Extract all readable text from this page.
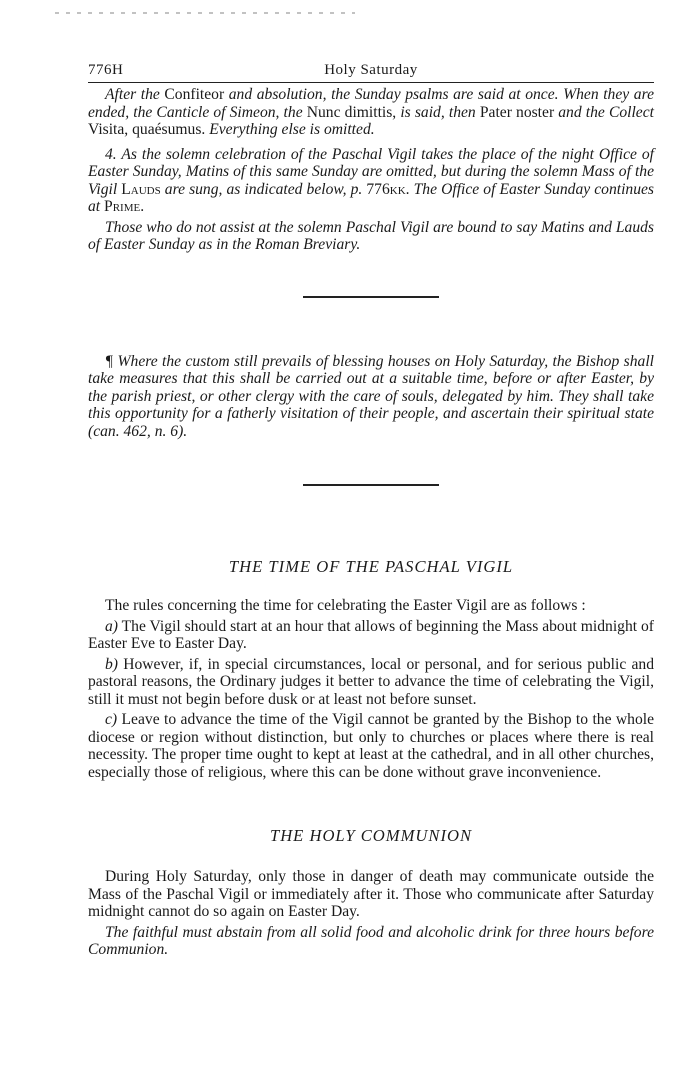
776H	Holy Saturday

After the Confiteor and absolution, the Sunday psalms are said at once. When they are ended, the Canticle of Simeon, the Nunc dimittis, is said, then Pater noster and the Collect Visita, quaésumus. Everything else is omitted.

4. As the solemn celebration of the Paschal Vigil takes the place of the night Office of Easter Sunday, Matins of this same Sunday are omitted, but during the solemn Mass of the Vigil Lauds are sung, as indicated below, p. 776kk. The Office of Easter Sunday continues at Prime.

Those who do not assist at the solemn Paschal Vigil are bound to say Matins and Lauds of Easter Sunday as in the Roman Breviary.

¶ Where the custom still prevails of blessing houses on Holy Saturday, the Bishop shall take measures that this shall be carried out at a suitable time, before or after Easter, by the parish priest, or other clergy with the care of souls, delegated by him. They shall take this opportunity for a fatherly visitation of their people, and ascertain their spiritual state (can. 462, n. 6).

THE TIME OF THE PASCHAL VIGIL

The rules concerning the time for celebrating the Easter Vigil are as follows :

a) The Vigil should start at an hour that allows of beginning the Mass about midnight of Easter Eve to Easter Day.

b) However, if, in special circumstances, local or personal, and for serious public and pastoral reasons, the Ordinary judges it better to advance the time of celebrating the Vigil, still it must not begin before dusk or at least not before sunset.

c) Leave to advance the time of the Vigil cannot be granted by the Bishop to the whole diocese or region without distinction, but only to churches or places where there is real necessity. The proper time ought to kept at least at the cathedral, and in all other churches, especially those of religious, where this can be done without grave inconvenience.

THE HOLY COMMUNION

During Holy Saturday, only those in danger of death may communicate outside the Mass of the Paschal Vigil or immediately after it. Those who communicate after Saturday midnight cannot do so again on Easter Day.

The faithful must abstain from all solid food and alcoholic drink for three hours before Communion.
